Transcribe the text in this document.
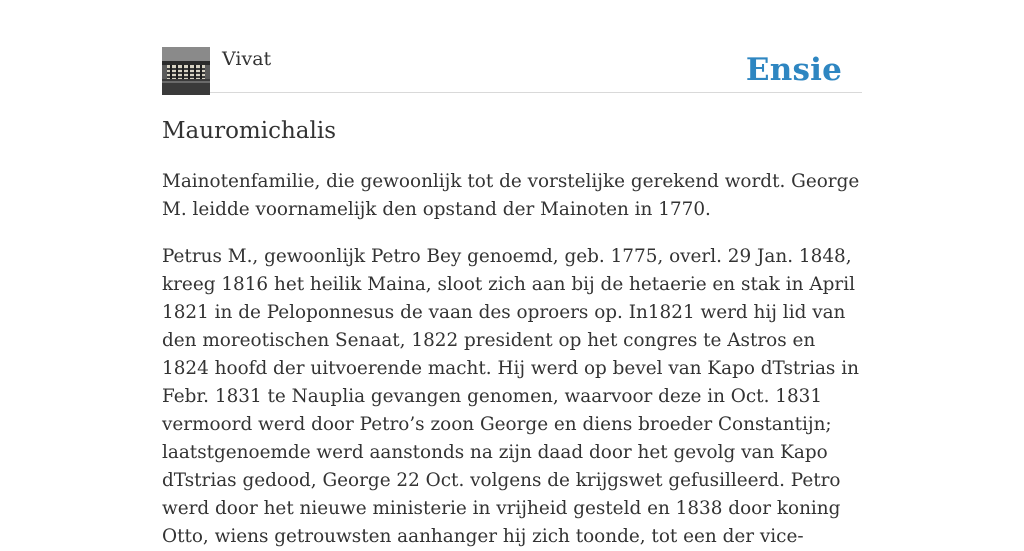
Vivat	Ensie
Mauromichalis

Mainotenfamilie, die gewoonlijk tot de vorstelijke gerekend wordt. George M. leidde voornamelijk den opstand der Mainoten in 1770.

Petrus M., gewoonlijk Petro Bey genoemd, geb. 1775, overl. 29 Jan. 1848, kreeg 1816 het heilik Maina, sloot zich aan bij de hetaerie en stak in April 1821 in de Peloponnesus de vaan des oproers op. In1821 werd hij lid van den moreotischen Senaat, 1822 president op het congres te Astros en 1824 hoofd der uitvoerende macht. Hij werd op bevel van Kapo dTstrias in Febr. 1831 te Nauplia gevangen genomen, waarvoor deze in Oct. 1831 vermoord werd door Petro’s zoon George en diens broeder Constantijn; laatstgenoemde werd aanstonds na zijn daad door het gevolg van Kapo dTstrias gedood, George 22 Oct. volgens de krijgswet gefusilleerd. Petro werd door het nieuwe ministerie in vrijheid gesteld en 1838 door koning Otto, wiens getrouwsten aanhanger hij zich toonde, tot een der vice-
